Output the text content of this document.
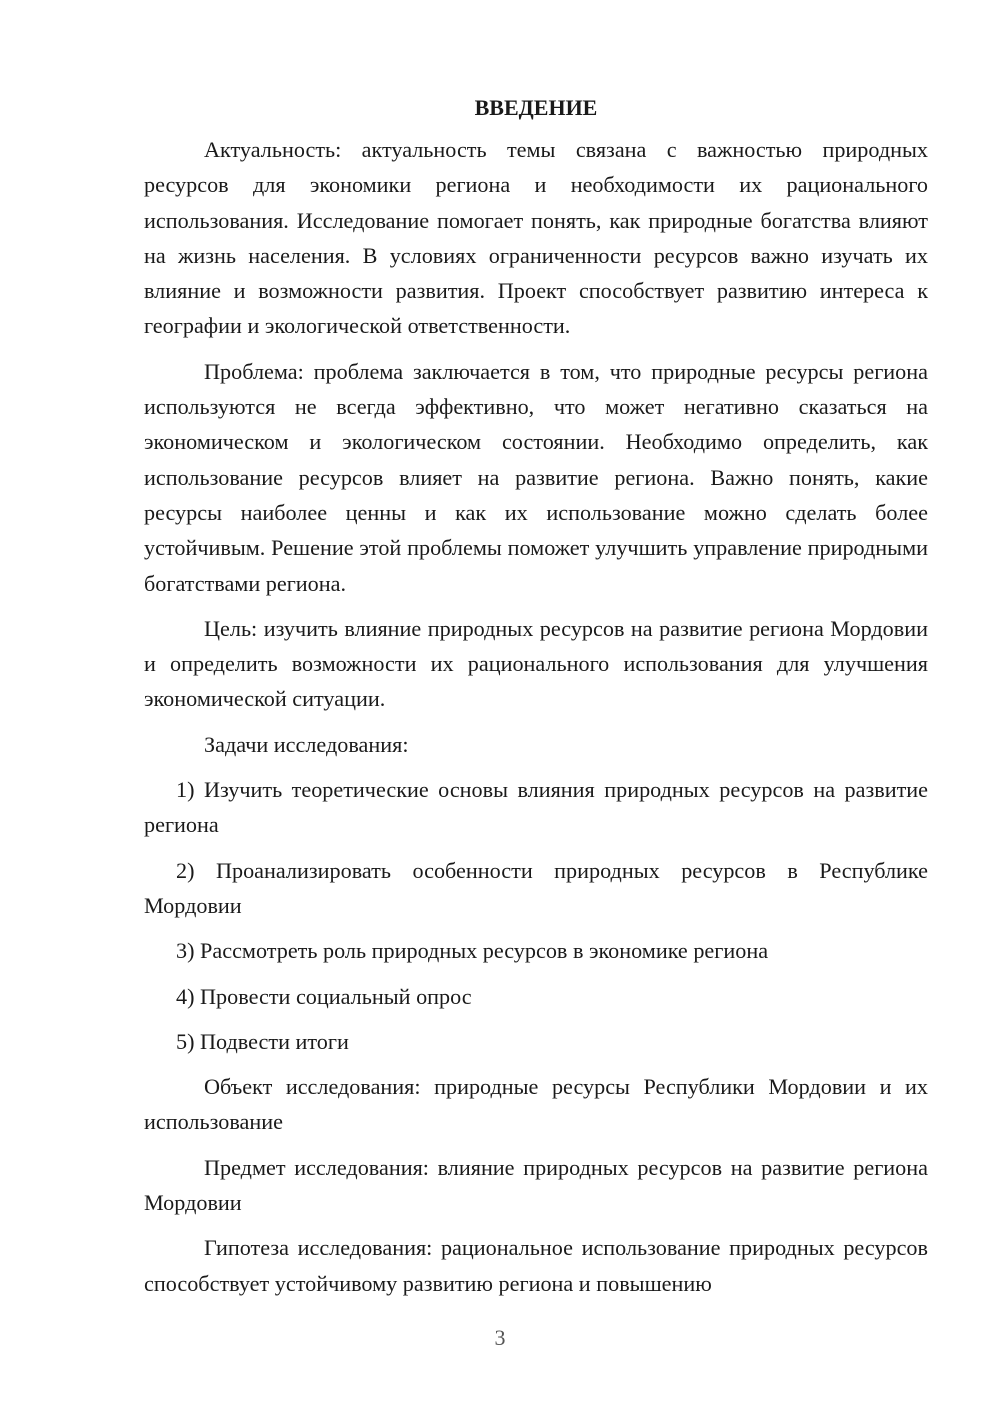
ВВЕДЕНИЕ

Актуальность: актуальность темы связана с важностью природных ресурсов для экономики региона и необходимости их рационального использования. Исследование помогает понять, как природные богатства влияют на жизнь населения. В условиях ограниченности ресурсов важно изучать их влияние и возможности развития. Проект способствует развитию интереса к географии и экологической ответственности.

Проблема: проблема заключается в том, что природные ресурсы региона используются не всегда эффективно, что может негативно сказаться на экономическом и экологическом состоянии. Необходимо определить, как использование ресурсов влияет на развитие региона. Важно понять, какие ресурсы наиболее ценны и как их использование можно сделать более устойчивым. Решение этой проблемы поможет улучшить управление природными богатствами региона.

Цель: изучить влияние природных ресурсов на развитие региона Мордовии и определить возможности их рационального использования для улучшения экономической ситуации.

Задачи исследования:

1) Изучить теоретические основы влияния природных ресурсов на развитие региона

2) Проанализировать особенности природных ресурсов в Республике Мордовии

3) Рассмотреть роль природных ресурсов в экономике региона

4) Провести социальный опрос

5) Подвести итоги

Объект исследования: природные ресурсы Республики Мордовии и их использование

Предмет исследования: влияние природных ресурсов на развитие региона Мордовии

Гипотеза исследования: рациональное использование природных ресурсов способствует устойчивому развитию региона и повышению

3
